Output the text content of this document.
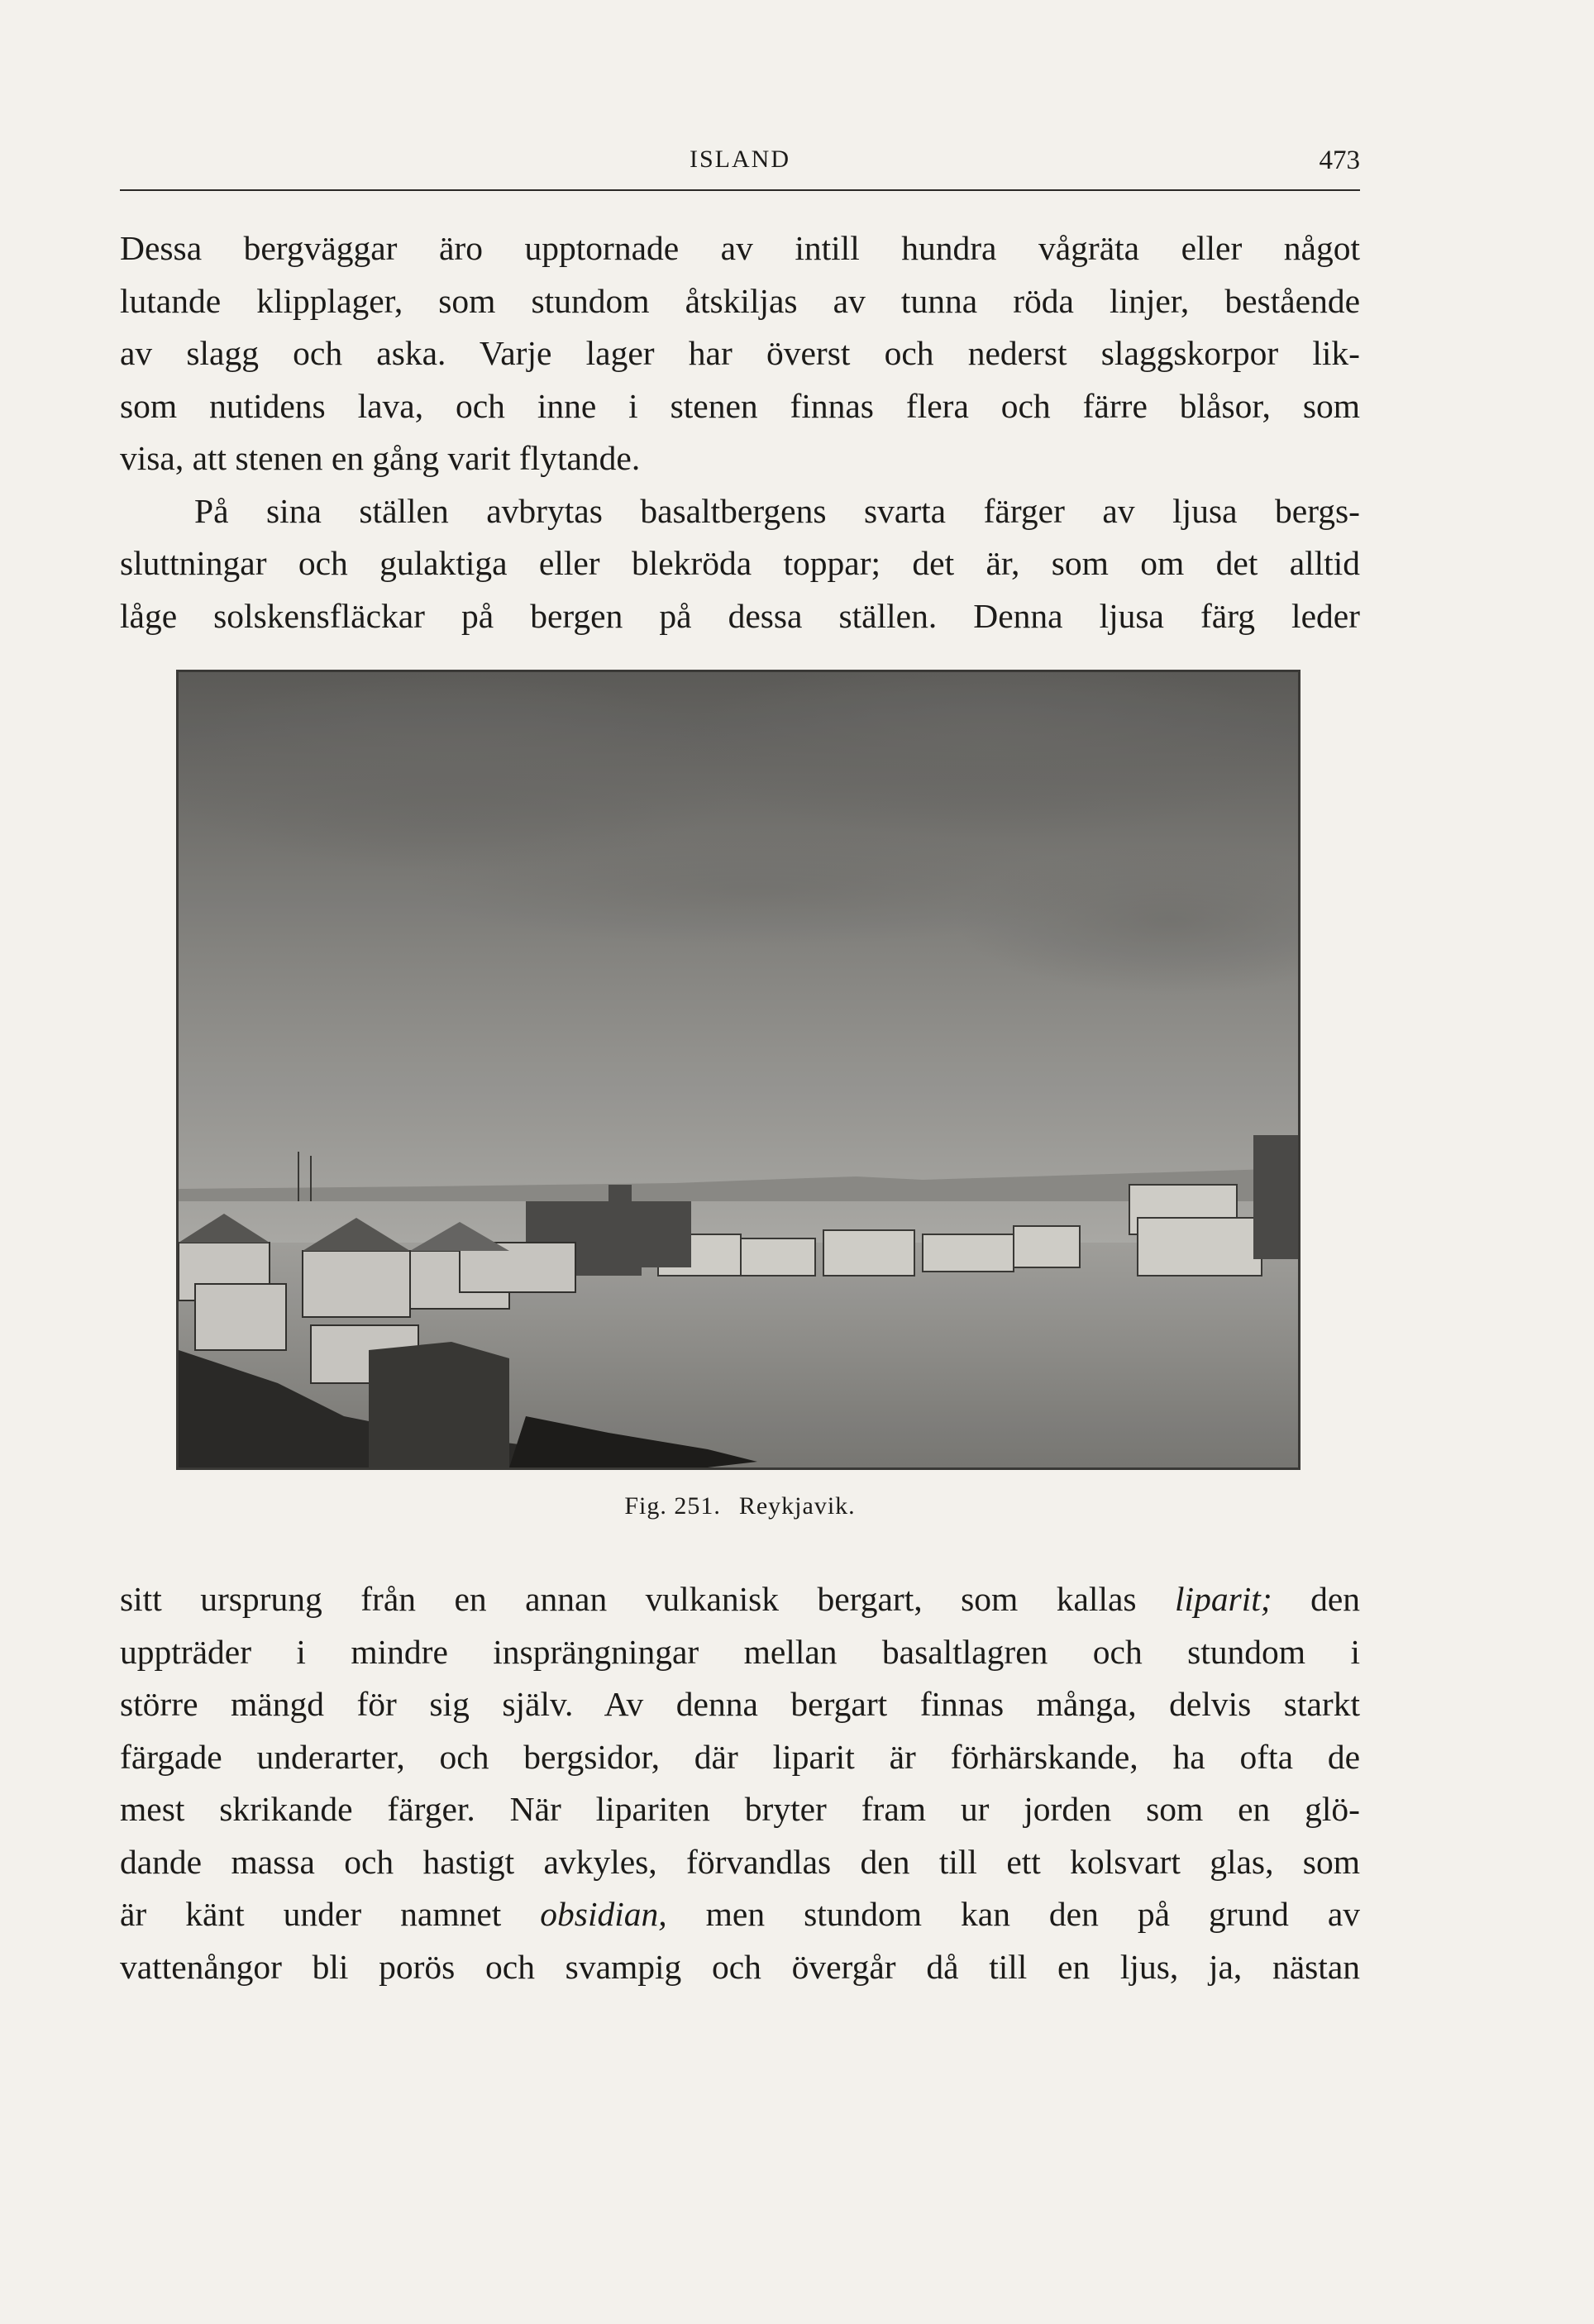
ISLAND	473

Dessa bergväggar äro upptornade av intill hundra vågräta eller något

lutande klipplager, som stundom åtskiljas av tunna röda linjer, bestående

av slagg och aska. Varje lager har överst och nederst slaggskorpor lik-

som nutidens lava, och inne i stenen finnas flera och färre blåsor, som

visa, att stenen en gång varit flytande.

På sina ställen avbrytas basaltbergens svarta färger av ljusa bergs-

sluttningar och gulaktiga eller blekröda toppar; det är, som om det alltid

låge solskensfläckar på bergen på dessa ställen. Denna ljusa färg leder

Fig. 251. Reykjavik.

sitt ursprung från en annan vulkanisk bergart, som kallas liparit; den

uppträder i mindre insprängningar mellan basaltlagren och stundom i

större mängd för sig själv. Av denna bergart finnas många, delvis starkt

färgade underarter, och bergsidor, där liparit är förhärskande, ha ofta de

mest skrikande färger. När lipariten bryter fram ur jorden som en glö-

dande massa och hastigt avkyles, förvandlas den till ett kolsvart glas, som

är känt under namnet obsidian, men stundom kan den på grund av

vattenångor bli porös och svampig och övergår då till en ljus, ja, nästan
